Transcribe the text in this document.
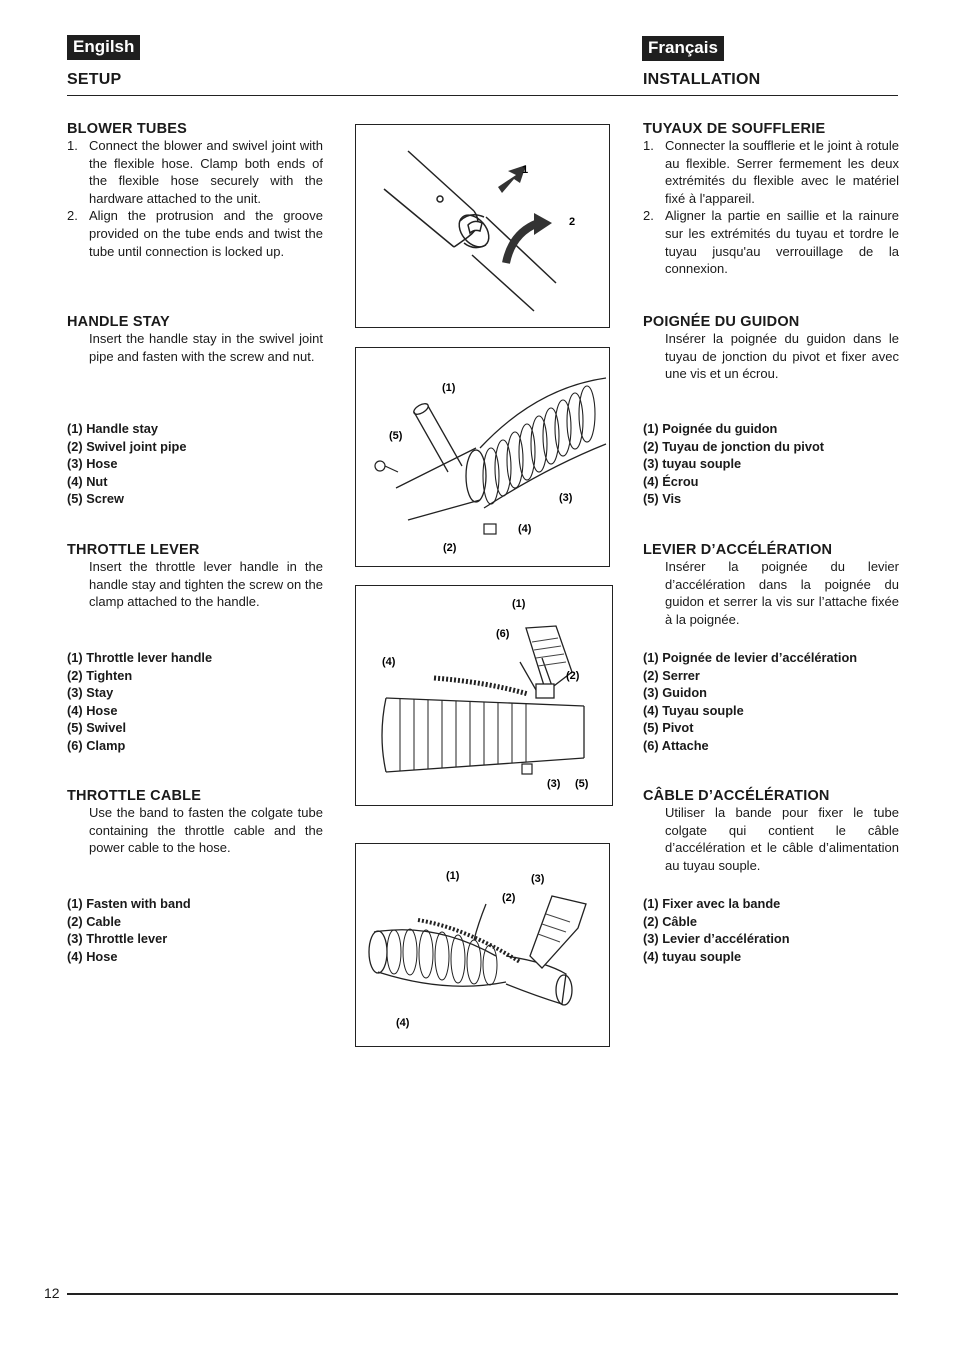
Engilsh	Français
SETUP	INSTALLATION
BLOWER TUBES
1. Connect the blower and swivel joint with the flexible hose. Clamp both ends of the flexible hose securely with the hardware attached to the unit.
2. Align the protrusion and the groove provided on the tube ends and twist the tube until connection is locked up.
HANDLE STAY
Insert the handle stay in the swivel joint pipe and fasten with the screw and nut.
(1) Handle stay
(2) Swivel joint pipe
(3) Hose
(4) Nut
(5) Screw
THROTTLE LEVER
Insert the throttle lever handle in the handle stay and tighten the screw on the clamp attached to the handle.
(1) Throttle lever handle
(2) Tighten
(3) Stay
(4) Hose
(5) Swivel
(6) Clamp
THROTTLE CABLE
Use the band to fasten the colgate tube containing the throttle cable and the power cable to the hose.
(1) Fasten with band
(2) Cable
(3) Throttle lever
(4) Hose
TUYAUX DE SOUFFLERIE
1. Connecter la soufflerie et le joint à rotule au flexible. Serrer fermement les deux extrémités du flexible avec le matériel fixé à l'appareil.
2. Aligner la partie en saillie et la rainure sur les extrémités du tuyau et tordre le tuyau jusqu'au verrouillage de la connexion.
POIGNÉE DU GUIDON
Insérer la poignée du guidon dans le tuyau de jonction du pivot et fixer avec une vis et un écrou.
(1) Poignée du guidon
(2) Tuyau de jonction du pivot
(3) tuyau souple
(4) Écrou
(5) Vis
LEVIER D’ACCÉLÉRATION
Insérer la poignée du levier d’accélération dans la poignée du guidon et serrer la vis sur l’attache fixée à la poignée.
(1) Poignée de levier d’accélération
(2) Serrer
(3) Guidon
(4) Tuyau souple
(5) Pivot
(6) Attache
CÂBLE D’ACCÉLÉRATION
Utiliser la bande pour fixer le tube colgate qui contient le câble d’accélération et le câble d’alimentation au tuyau souple.
(1) Fixer avec la bande
(2) Câble
(3) Levier d’accélération
(4) tuyau souple
1
2
(1)
(2)
(3)
(4)
(5)
(1)
(2)
(3)
(4)
(5)
(6)
(1)
(2)
(3)
(4)
12
